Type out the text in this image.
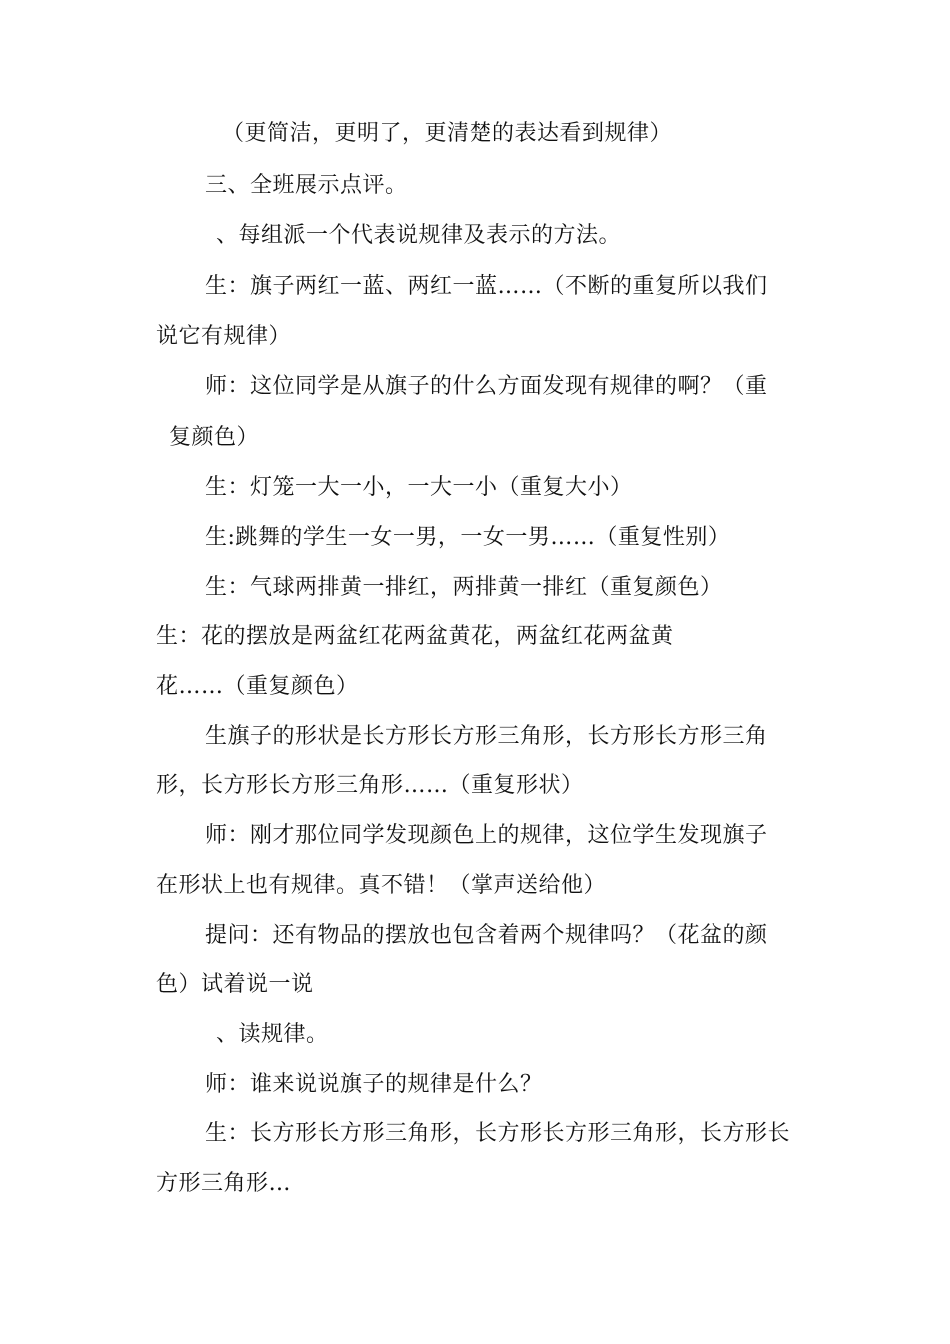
（更简洁，更明了，更清楚的表达看到规律）
三、全班展示点评。
、每组派一个代表说规律及表示的方法。
生：旗子两红一蓝、两红一蓝……（不断的重复所以我们
说它有规律）
师：这位同学是从旗子的什么方面发现有规律的啊？（重
复颜色）
生：灯笼一大一小，一大一小（重复大小）
生:跳舞的学生一女一男，一女一男……（重复性别）
生：气球两排黄一排红，两排黄一排红（重复颜色）
生：花的摆放是两盆红花两盆黄花，两盆红花两盆黄
花……（重复颜色）
生旗子的形状是长方形长方形三角形，长方形长方形三角
形，长方形长方形三角形……（重复形状）
师：刚才那位同学发现颜色上的规律，这位学生发现旗子
在形状上也有规律。真不错！（掌声送给他）
提问：还有物品的摆放也包含着两个规律吗？（花盆的颜
色）试着说一说
、读规律。
师：谁来说说旗子的规律是什么？
生：长方形长方形三角形，长方形长方形三角形，长方形长
方形三角形…
